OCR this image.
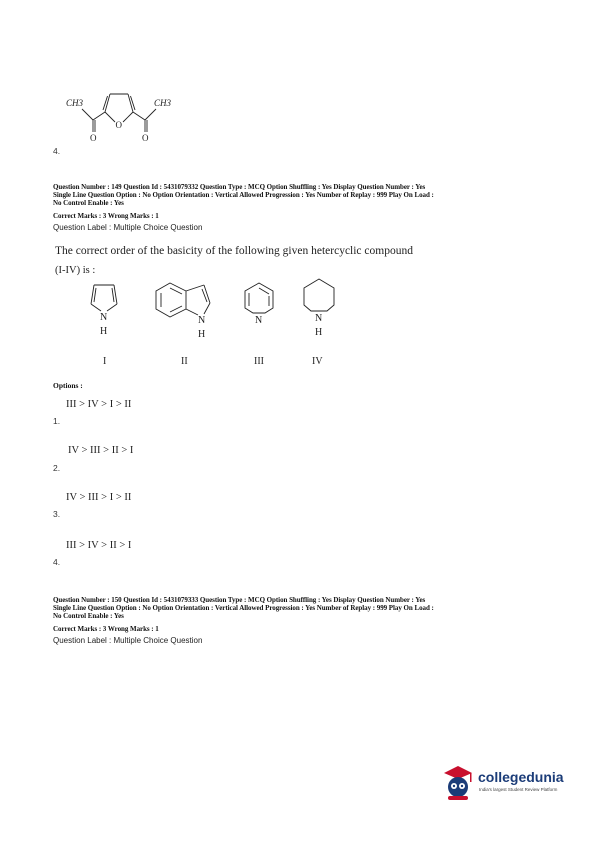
CH3	CH3
O
O	O
4.
Question Number : 149 Question Id : 5431079332 Question Type : MCQ Option Shuffling : Yes Display Question Number : Yes
Single Line Question Option : No Option Orientation : Vertical Allowed Progression : Yes Number of Replay : 999 Play On Load :
No Control Enable : Yes
Correct Marks : 3 Wrong Marks : 1
Question Label : Multiple Choice Question
The correct order of the basicity of the following given hetercyclic compound
(I-IV) is :
N
H
N
H
N	N
H
I	II	III	IV
Options :
III > IV > I > II
1.
IV > III > II > I
2.
IV > III > I > II
3.
III > IV > II > I
4.
Question Number : 150 Question Id : 5431079333 Question Type : MCQ Option Shuffling : Yes Display Question Number : Yes
Single Line Question Option : No Option Orientation : Vertical Allowed Progression : Yes Number of Replay : 999 Play On Load :
No Control Enable : Yes
Correct Marks : 3 Wrong Marks : 1
Question Label : Multiple Choice Question
collegedunia
India's largest Student Review Platform
